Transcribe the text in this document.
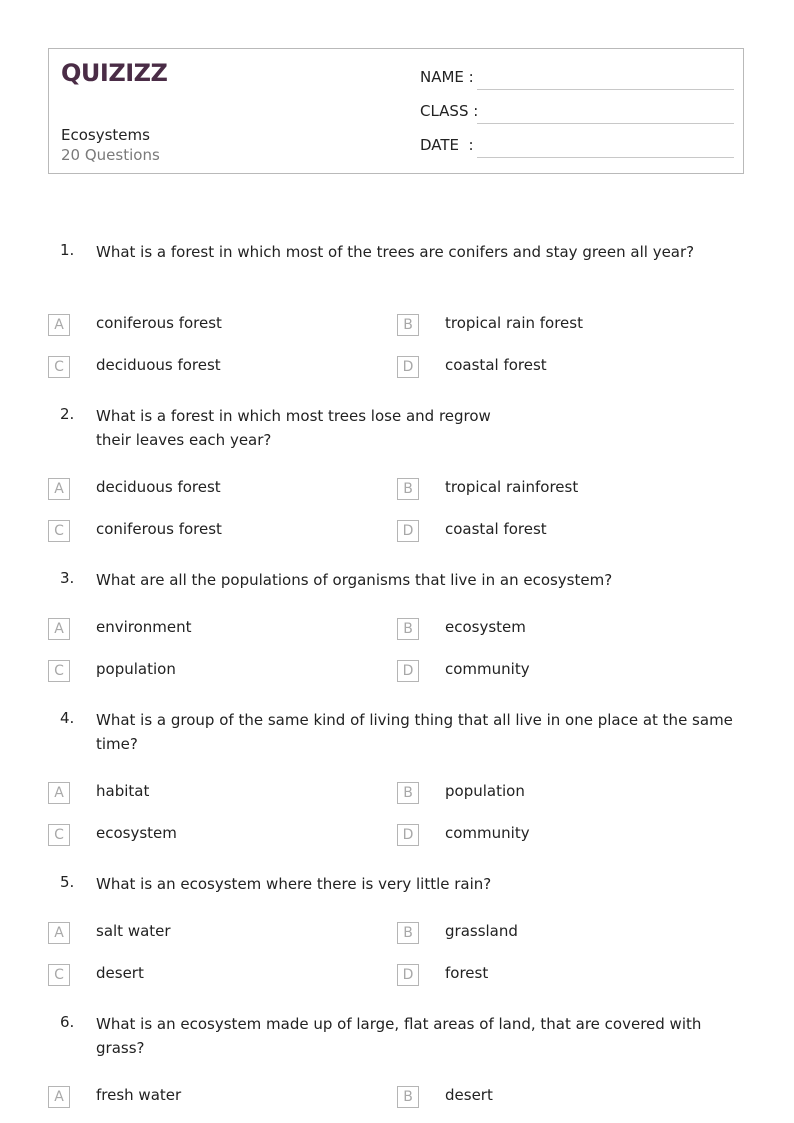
QUIZIZZ
Ecosystems
20 Questions
NAME :
CLASS :
DATE  :
1. What is a forest in which most of the trees are conifers and stay green all year?
A	coniferous forest	B	tropical rain forest
C	deciduous forest	D	coastal forest
2. What is a forest in which most trees lose and regrow their leaves each year?
A	deciduous forest	B	tropical rainforest
C	coniferous forest	D	coastal forest
3. What are all the populations of organisms that live in an ecosystem?
A	environment	B	ecosystem
C	population	D	community
4. What is a group of the same kind of living thing that all live in one place at the same time?
A	habitat	B	population
C	ecosystem	D	community
5. What is an ecosystem where there is very little rain?
A	salt water	B	grassland
C	desert	D	forest
6. What is an ecosystem made up of large, flat areas of land, that are covered with grass?
A	fresh water	B	desert
